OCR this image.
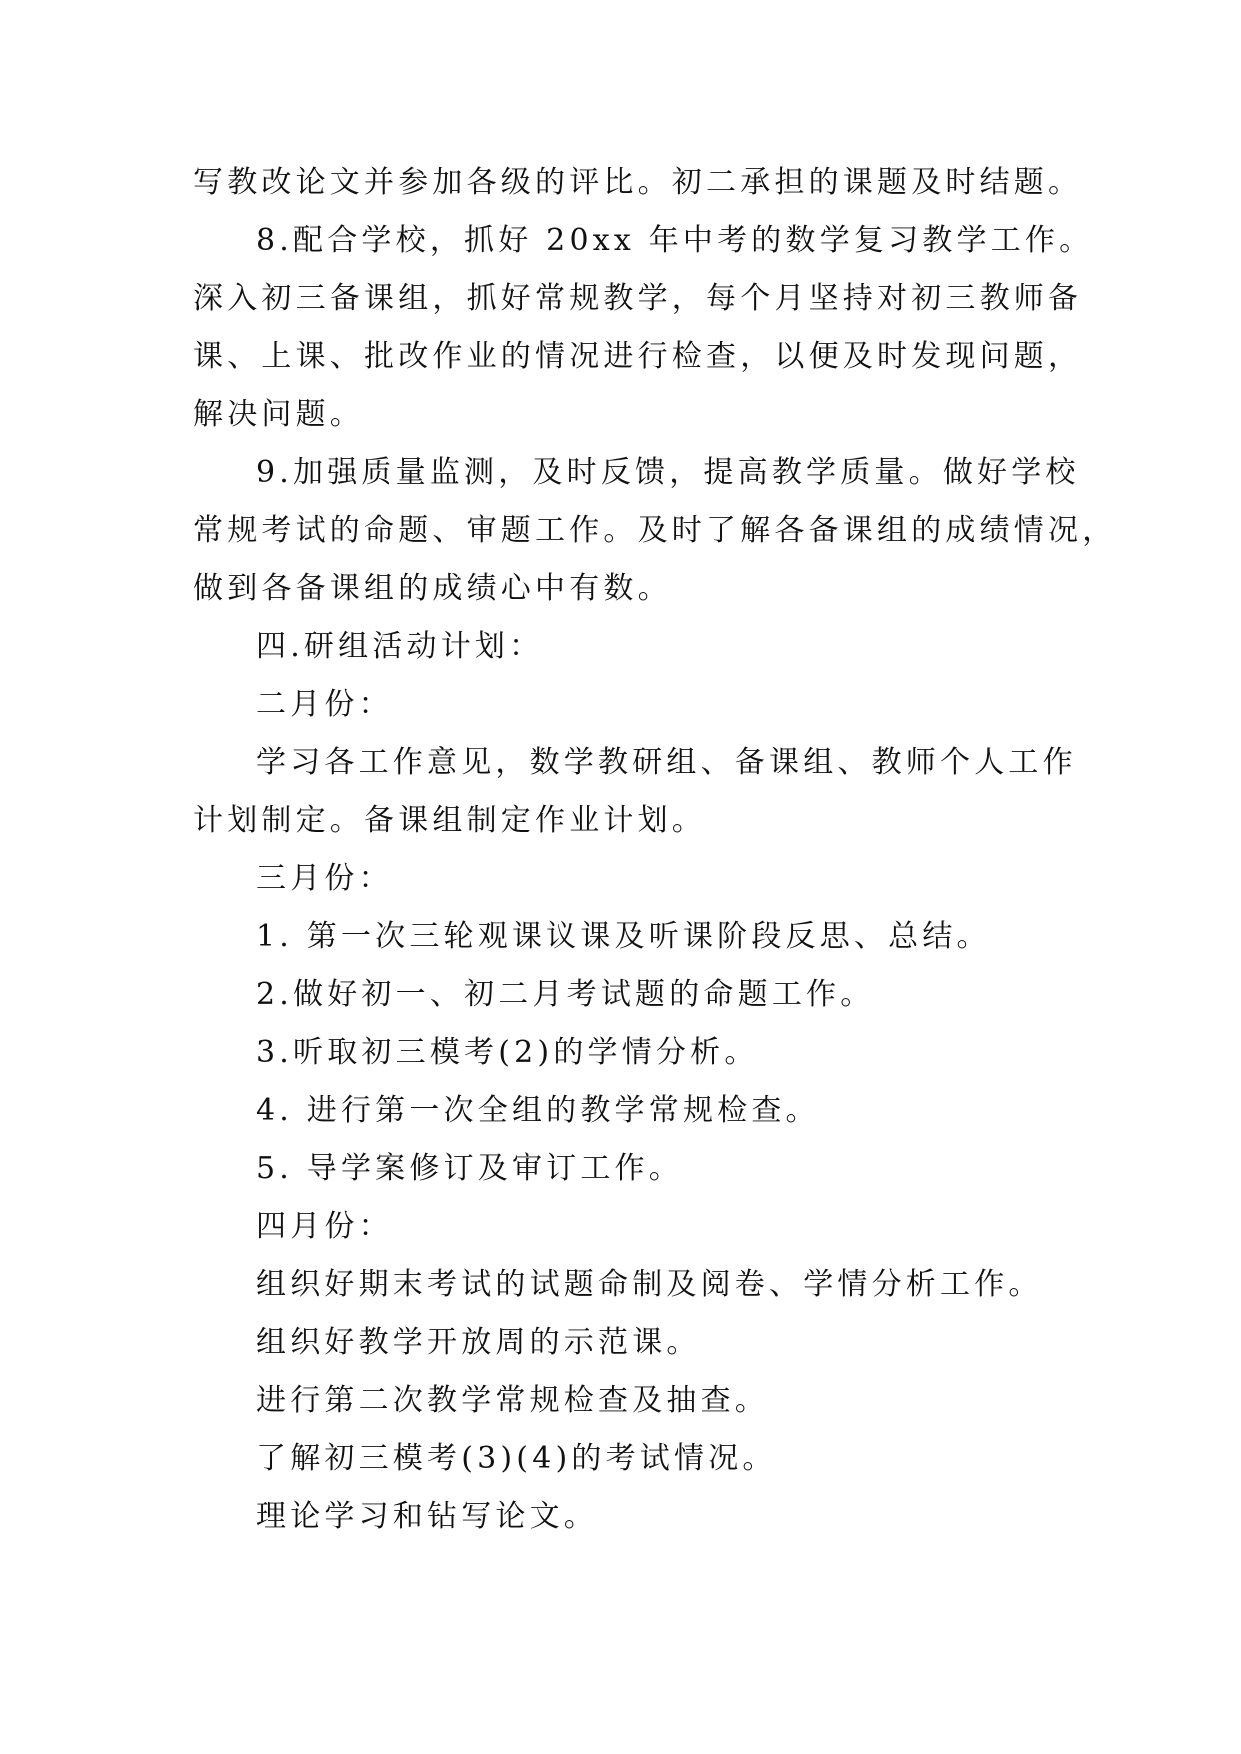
写教改论文并参加各级的评比。初二承担的课题及时结题。
8.配合学校，抓好 20xx 年中考的数学复习教学工作。
深入初三备课组，抓好常规教学，每个月坚持对初三教师备
课、上课、批改作业的情况进行检查，以便及时发现问题，
解决问题。
9.加强质量监测，及时反馈，提高教学质量。做好学校
常规考试的命题、审题工作。及时了解各备课组的成绩情况，
做到各备课组的成绩心中有数。
四.研组活动计划：
二月份：
学习各工作意见，数学教研组、备课组、教师个人工作
计划制定。备课组制定作业计划。
三月份：
1. 第一次三轮观课议课及听课阶段反思、总结。
2.做好初一、初二月考试题的命题工作。
3.听取初三模考(2)的学情分析。
4. 进行第一次全组的教学常规检查。
5. 导学案修订及审订工作。
四月份：
组织好期末考试的试题命制及阅卷、学情分析工作。
组织好教学开放周的示范课。
进行第二次教学常规检查及抽查。
了解初三模考(3)(4)的考试情况。
理论学习和钻写论文。
